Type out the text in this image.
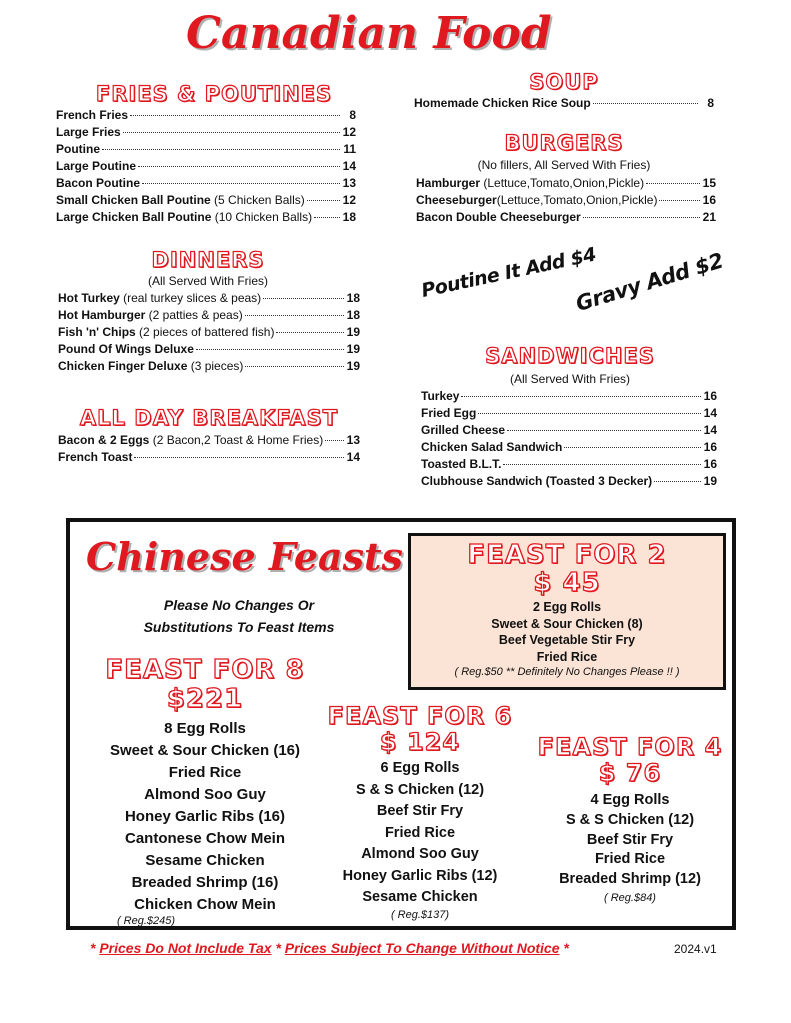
Canadian Food
FRIES & POUTINES
French Fries	8
Large Fries	12
Poutine	11
Large Poutine	14
Bacon Poutine	13
Small Chicken Ball Poutine (5 Chicken Balls)	12
Large Chicken Ball Poutine (10 Chicken Balls)	18
DINNERS
(All Served With Fries)
Hot Turkey (real turkey slices & peas)	18
Hot Hamburger (2 patties & peas)	18
Fish 'n' Chips (2 pieces of battered fish)	19
Pound Of Wings Deluxe	19
Chicken Finger Deluxe (3 pieces)	19
ALL DAY BREAKFAST
Bacon & 2 Eggs (2 Bacon,2 Toast & Home Fries) 13
French Toast	14
SOUP
Homemade Chicken Rice Soup	8
BURGERS
(No fillers, All Served With Fries)
Hamburger (Lettuce,Tomato,Onion,Pickle)	15
Cheeseburger (Lettuce,Tomato,Onion,Pickle)	16
Bacon Double Cheeseburger	21
Poutine It Add $4
Gravy Add $2
SANDWICHES
(All Served With Fries)
Turkey	16
Fried Egg	14
Grilled Cheese	14
Chicken Salad Sandwich	16
Toasted B.L.T.	16
Clubhouse Sandwich (Toasted 3 Decker)	19
Chinese Feasts
Please No Changes Or
Substitutions To Feast Items
FEAST FOR 2
$ 45
2 Egg Rolls
Sweet & Sour Chicken (8)
Beef Vegetable Stir Fry
Fried Rice
( Reg.$50 ** Definitely No Changes Please !! )
FEAST FOR 8
$221
8 Egg Rolls
Sweet & Sour Chicken (16)
Fried Rice
Almond Soo Guy
Honey Garlic Ribs (16)
Cantonese Chow Mein
Sesame Chicken
Breaded Shrimp (16)
Chicken Chow Mein
( Reg.$245)
FEAST FOR 6
$ 124
6 Egg Rolls
S & S Chicken (12)
Beef Stir Fry
Fried Rice
Almond Soo Guy
Honey Garlic Ribs (12)
Sesame Chicken
( Reg.$137)
FEAST FOR 4
$ 76
4 Egg Rolls
S & S Chicken (12)
Beef Stir Fry
Fried Rice
Breaded Shrimp (12)
( Reg.$84)
* Prices Do Not Include Tax * Prices Subject To Change Without Notice *	2024.v1
